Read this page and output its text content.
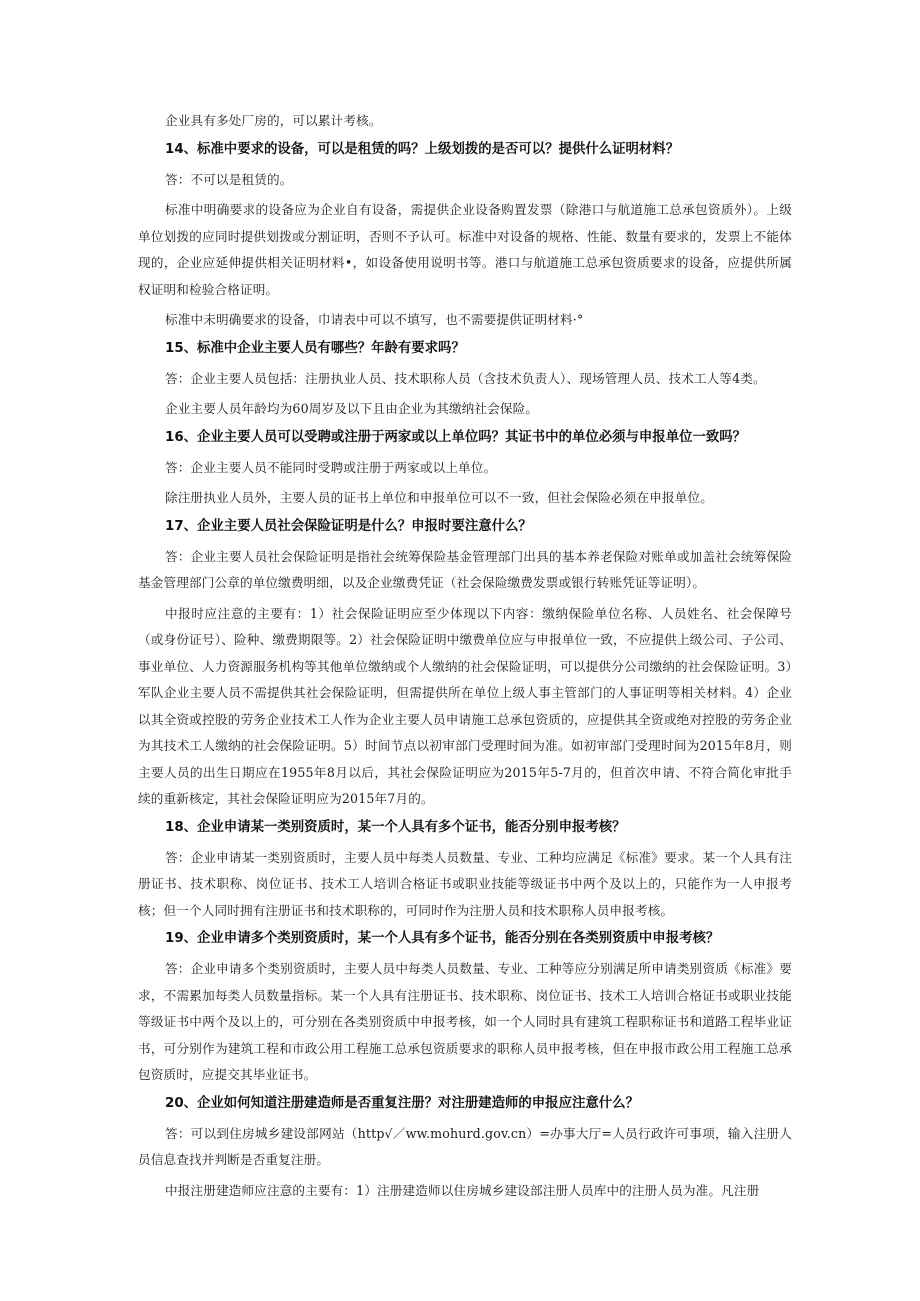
企业具有多处厂房的，可以累计考核。

14、标准中要求的设备，可以是租赁的吗？上级划拨的是否可以？提供什么证明材料？

答：不可以是租赁的。

标准中明确要求的设备应为企业自有设备，需提供企业设备购置发票（除港口与航道施工总承包资质外）。上级单位划拨的应同时提供划拨或分割证明，否则不予认可。标准中对设备的规格、性能、数量有要求的，发票上不能体现的，企业应延伸提供相关证明材料•，如设备使用说明书等。港口与航道施工总承包资质要求的设备，应提供所属权证明和检验合格证明。

标准中未明确要求的设备，巾请表中可以不填写，也不需要提供证明材料·°

15、标准中企业主要人员有哪些？年龄有要求吗？

答：企业主要人员包括：注册执业人员、技术职称人员（含技术负责人）、现场管理人员、技术工人等4类。

企业主要人员年龄均为60周岁及以下且由企业为其缴纳社会保险。

16、企业主要人员可以受聘或注册于两家或以上单位吗？其证书中的单位必须与申报单位一致吗？

答：企业主要人员不能同时受聘或注册于两家或以上单位。

除注册执业人员外，主要人员的证书上单位和申报单位可以不一致，但社会保险必须在申报单位。

17、企业主要人员社会保险证明是什么？申报时要注意什么？

答：企业主要人员社会保险证明是指社会统筹保险基金管理部门出具的基本养老保险对账单或加盖社会统筹保险基金管理部门公章的单位缴费明细，以及企业缴费凭证（社会保险缴费发票或银行转账凭证等证明）。

中报时应注意的主要有：1）社会保险证明应至少体现以下内容：缴纳保险单位名称、人员姓名、社会保障号（或身份证号）、险种、缴费期限等。2）社会保险证明中缴费单位应与申报单位一致，不应提供上级公司、子公司、事业单位、人力资源服务机构等其他单位缴纳或个人缴纳的社会保险证明，可以提供分公司缴纳的社会保险证明。3）军队企业主要人员不需提供其社会保险证明，但需提供所在单位上级人事主管部门的人事证明等相关材料。4）企业以其全资或控股的劳务企业技术工人作为企业主要人员申请施工总承包资质的，应提供其全资或绝对控股的劳务企业为其技术工人缴纳的社会保险证明。5）时间节点以初审部门受理时间为准。如初审部门受理时间为2015年8月，则主要人员的出生日期应在1955年8月以后，其社会保险证明应为2015年5-7月的，但首次申请、不符合简化审批手续的重新核定，其社会保险证明应为2015年7月的。

18、企业申请某一类别资质时，某一个人具有多个证书，能否分别申报考核？

答：企业申请某一类别资质时，主要人员中每类人员数量、专业、工种均应满足《标准》要求。某一个人具有注册证书、技术职称、岗位证书、技术工人培训合格证书或职业技能等级证书中两个及以上的，只能作为一人申报考核；但一个人同时拥有注册证书和技术职称的，可同时作为注册人员和技术职称人员申报考核。

19、企业申请多个类别资质时，某一个人具有多个证书，能否分别在各类别资质中申报考核？

答：企业申请多个类别资质时，主要人员中每类人员数量、专业、工种等应分别满足所申请类别资质《标准》要求，不需累加每类人员数量指标。某一个人具有注册证书、技术职称、岗位证书、技术工人培训合格证书或职业技能等级证书中两个及以上的，可分别在各类别资质中申报考核，如一个人同时具有建筑工程职称证书和道路工程毕业证书，可分别作为建筑工程和市政公用工程施工总承包资质要求的职称人员申报考核，但在申报市政公用工程施工总承包资质时，应提交其毕业证书。

20、企业如何知道注册建造师是否重复注册？对注册建造师的申报应注意什么？

答：可以到住房城乡建设部网站（http√／ww.mohurd.gov.cn）=办事大厅=人员行政许可事项，输入注册人员信息查找并判断是否重复注册。

中报注册建造师应注意的主要有：1）注册建造师以住房城乡建设部注册人员库中的注册人员为准。凡注册
